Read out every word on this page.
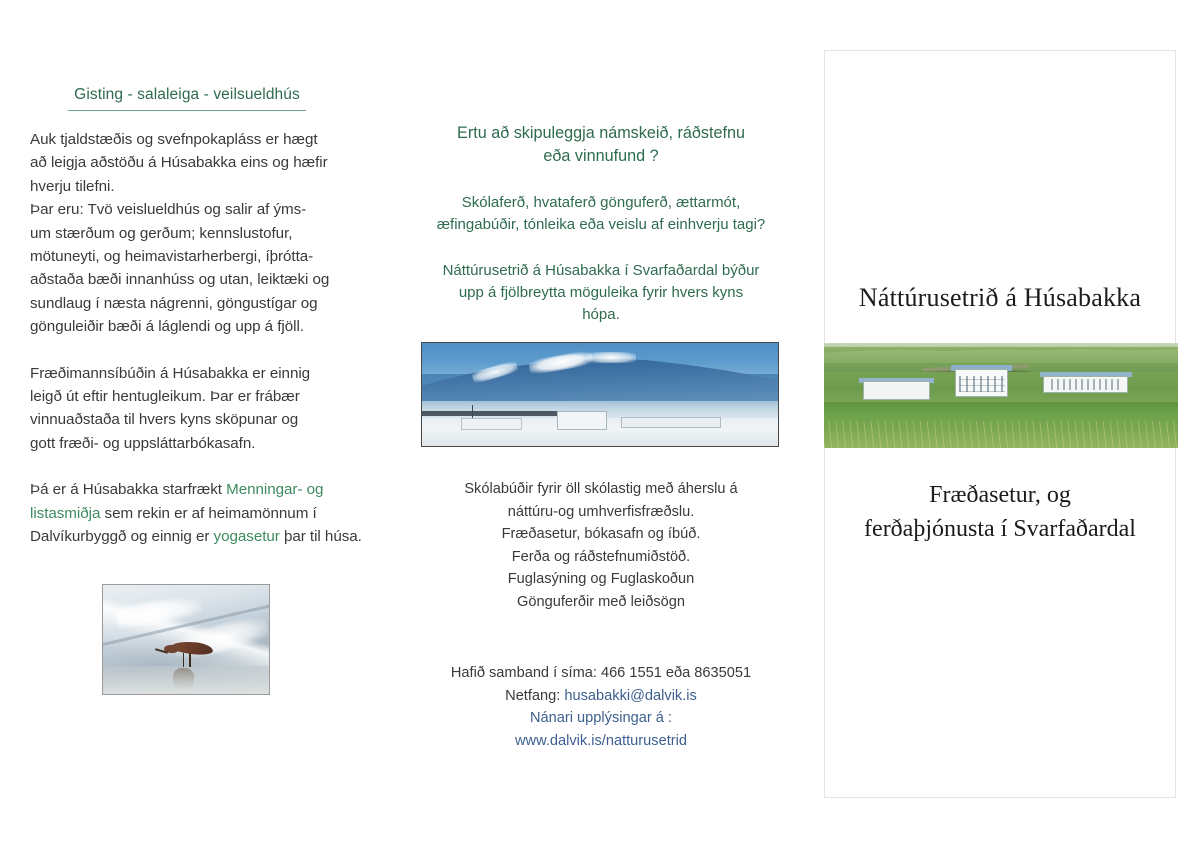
Gisting - salaleiga - veilsueldhús
Auk tjaldstæðis og svefnpokapláss er hægt
að leigja aðstöðu á Húsabakka eins og hæfir
hverju tilefni.
Þar eru: Tvö veislueldhús og salir af ýms-
um stærðum og gerðum; kennslustofur,
mötuneyti, og heimavistarherbergi, íþrótta-
aðstaða bæði innanhúss og utan, leiktæki og
sundlaug í næsta nágrenni, göngustígar og
gönguleiðir bæði á láglendi og upp á fjöll.
Fræðimannsíbúðin á Húsabakka er einnig
leigð út eftir hentugleikum. Þar er frábær
vinnuaðstaða til hvers kyns sköpunar og
gott fræði- og uppsláttarbókasafn.
Þá er á Húsabakka starfrækt Menningar- og listasmiðja sem rekin er af heimamönnum í Dalvíkurbyggð og einnig er yogasetur þar til húsa.
Ertu að skipuleggja námskeið, ráðstefnu
eða vinnufund ?
Skólaferð, hvataferð gönguferð, ættarmót,
æfingabúðir, tónleika eða veislu af einhverju tagi?
Náttúrusetrið á Húsabakka í Svarfaðardal býður
upp á fjölbreytta möguleika fyrir hvers kyns
hópa.
Skólabúðir fyrir öll skólastig með áherslu á
náttúru-og umhverfisfræðslu.
Fræðasetur, bókasafn og íbúð.
Ferða og ráðstefnumiðstöð.
Fuglasýning og Fuglaskoðun
Gönguferðir með leiðsögn
Hafið samband í síma: 466 1551 eða 8635051
Netfang: husabakki@dalvik.is
Nánari upplýsingar á :
www.dalvik.is/natturusetrid
Náttúrusetrið á Húsabakka
Fræðasetur, og
ferðaþjónusta í Svarfaðardal
